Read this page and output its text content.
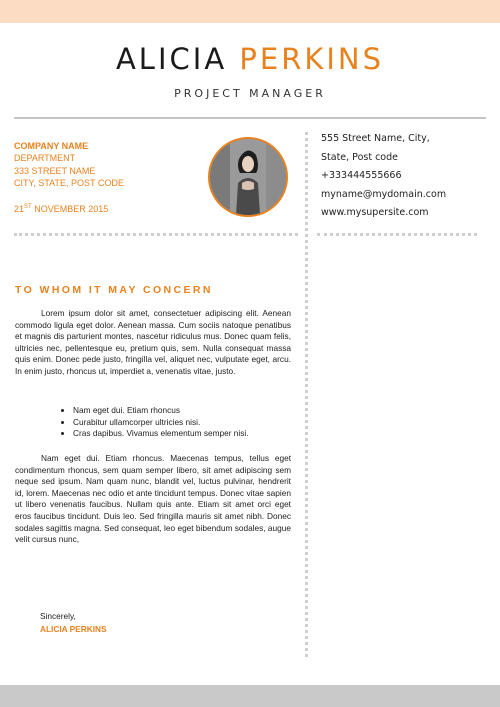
ALICIA PERKINS
PROJECT MANAGER
COMPANY NAME
DEPARTMENT
333 STREET NAME
CITY, STATE, POST CODE
21ST NOVEMBER 2015
555 Street Name, City,
State, Post code
+333444555666
myname@mydomain.com
www.mysupersite.com
TO WHOM IT MAY CONCERN

Lorem ipsum dolor sit amet, consectetuer adipiscing elit. Aenean commodo ligula eget dolor. Aenean massa. Cum sociis natoque penatibus et magnis dis parturient montes, nascetur ridiculus mus. Donec quam felis, ultricies nec, pellentesque eu, pretium quis, sem. Nulla consequat massa quis enim. Donec pede justo, fringilla vel, aliquet nec, vulputate eget, arcu. In enim justo, rhoncus ut, imperdiet a, venenatis vitae, justo.

• Nam eget dui. Etiam rhoncus
• Curabitur ullamcorper ultricies nisi.
• Cras dapibus. Vivamus elementum semper nisi.

Nam eget dui. Etiam rhoncus. Maecenas tempus, tellus eget condimentum rhoncus, sem quam semper libero, sit amet adipiscing sem neque sed ipsum. Nam quam nunc, blandit vel, luctus pulvinar, hendrerit id, lorem. Maecenas nec odio et ante tincidunt tempus. Donec vitae sapien ut libero venenatis faucibus. Nullam quis ante. Etiam sit amet orci eget eros faucibus tincidunt. Duis leo. Sed fringilla mauris sit amet nibh. Donec sodales sagittis magna. Sed consequat, leo eget bibendum sodales, augue velit cursus nunc,

Sincerely,
ALICIA PERKINS
